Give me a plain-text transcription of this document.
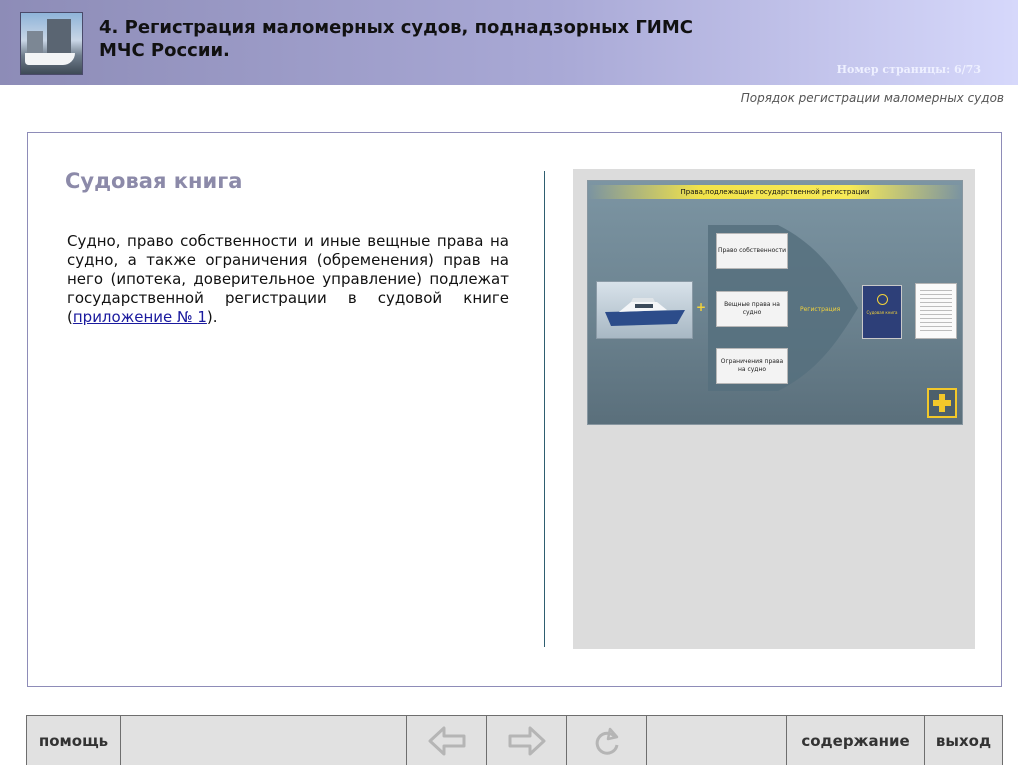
4. Регистрация маломерных судов, поднадзорных ГИМС МЧС России.
Номер страницы: 6/73
Порядок регистрации маломерных судов
Судовая книга

Судно, право собственности и иные вещные права на судно, а также ограничения (обременения) прав на него (ипотека, доверительное управление) подлежат государственной регистрации в судовой книге (приложение № 1).

Права,подлежащие государственной регистрации
+
Право собственности
Вещные права на судно
Ограничения права на судно
Регистрация	Судовая книга
помощь	содержание	выход
